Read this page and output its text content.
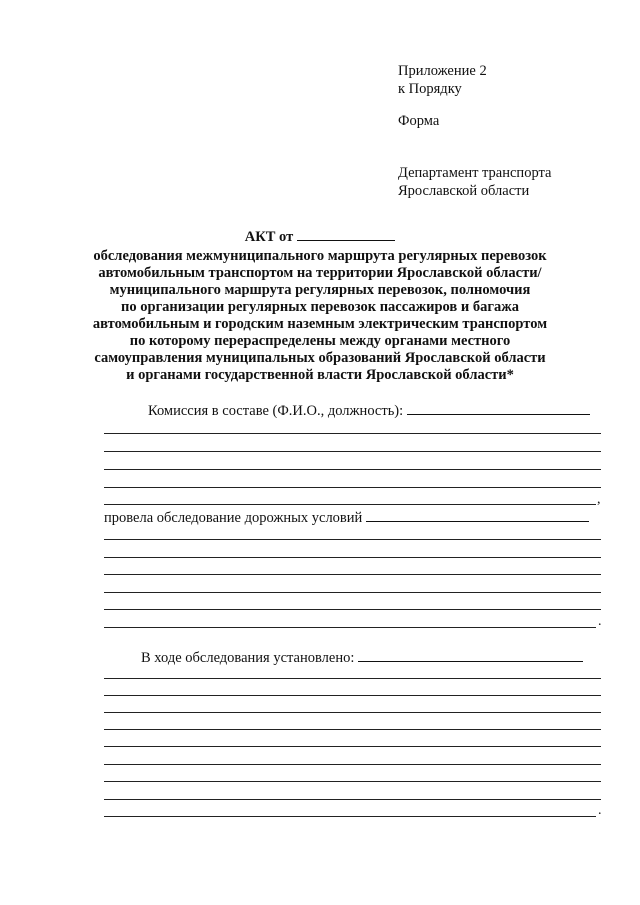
Приложение 2
к Порядку
Форма
Департамент транспорта
Ярославской области
АКТ от
обследования межмуниципального маршрута регулярных перевозок
автомобильным транспортом на территории Ярославской области/
муниципального маршрута регулярных перевозок, полномочия
по организации регулярных перевозок пассажиров и багажа
автомобильным и городским наземным электрическим транспортом
по которому перераспределены между органами местного
самоуправления муниципальных образований Ярославской области
и органами государственной власти Ярославской области*
Комиссия в составе (Ф.И.О., должность):
,
провела обследование дорожных условий
.
В ходе обследования установлено:
.
